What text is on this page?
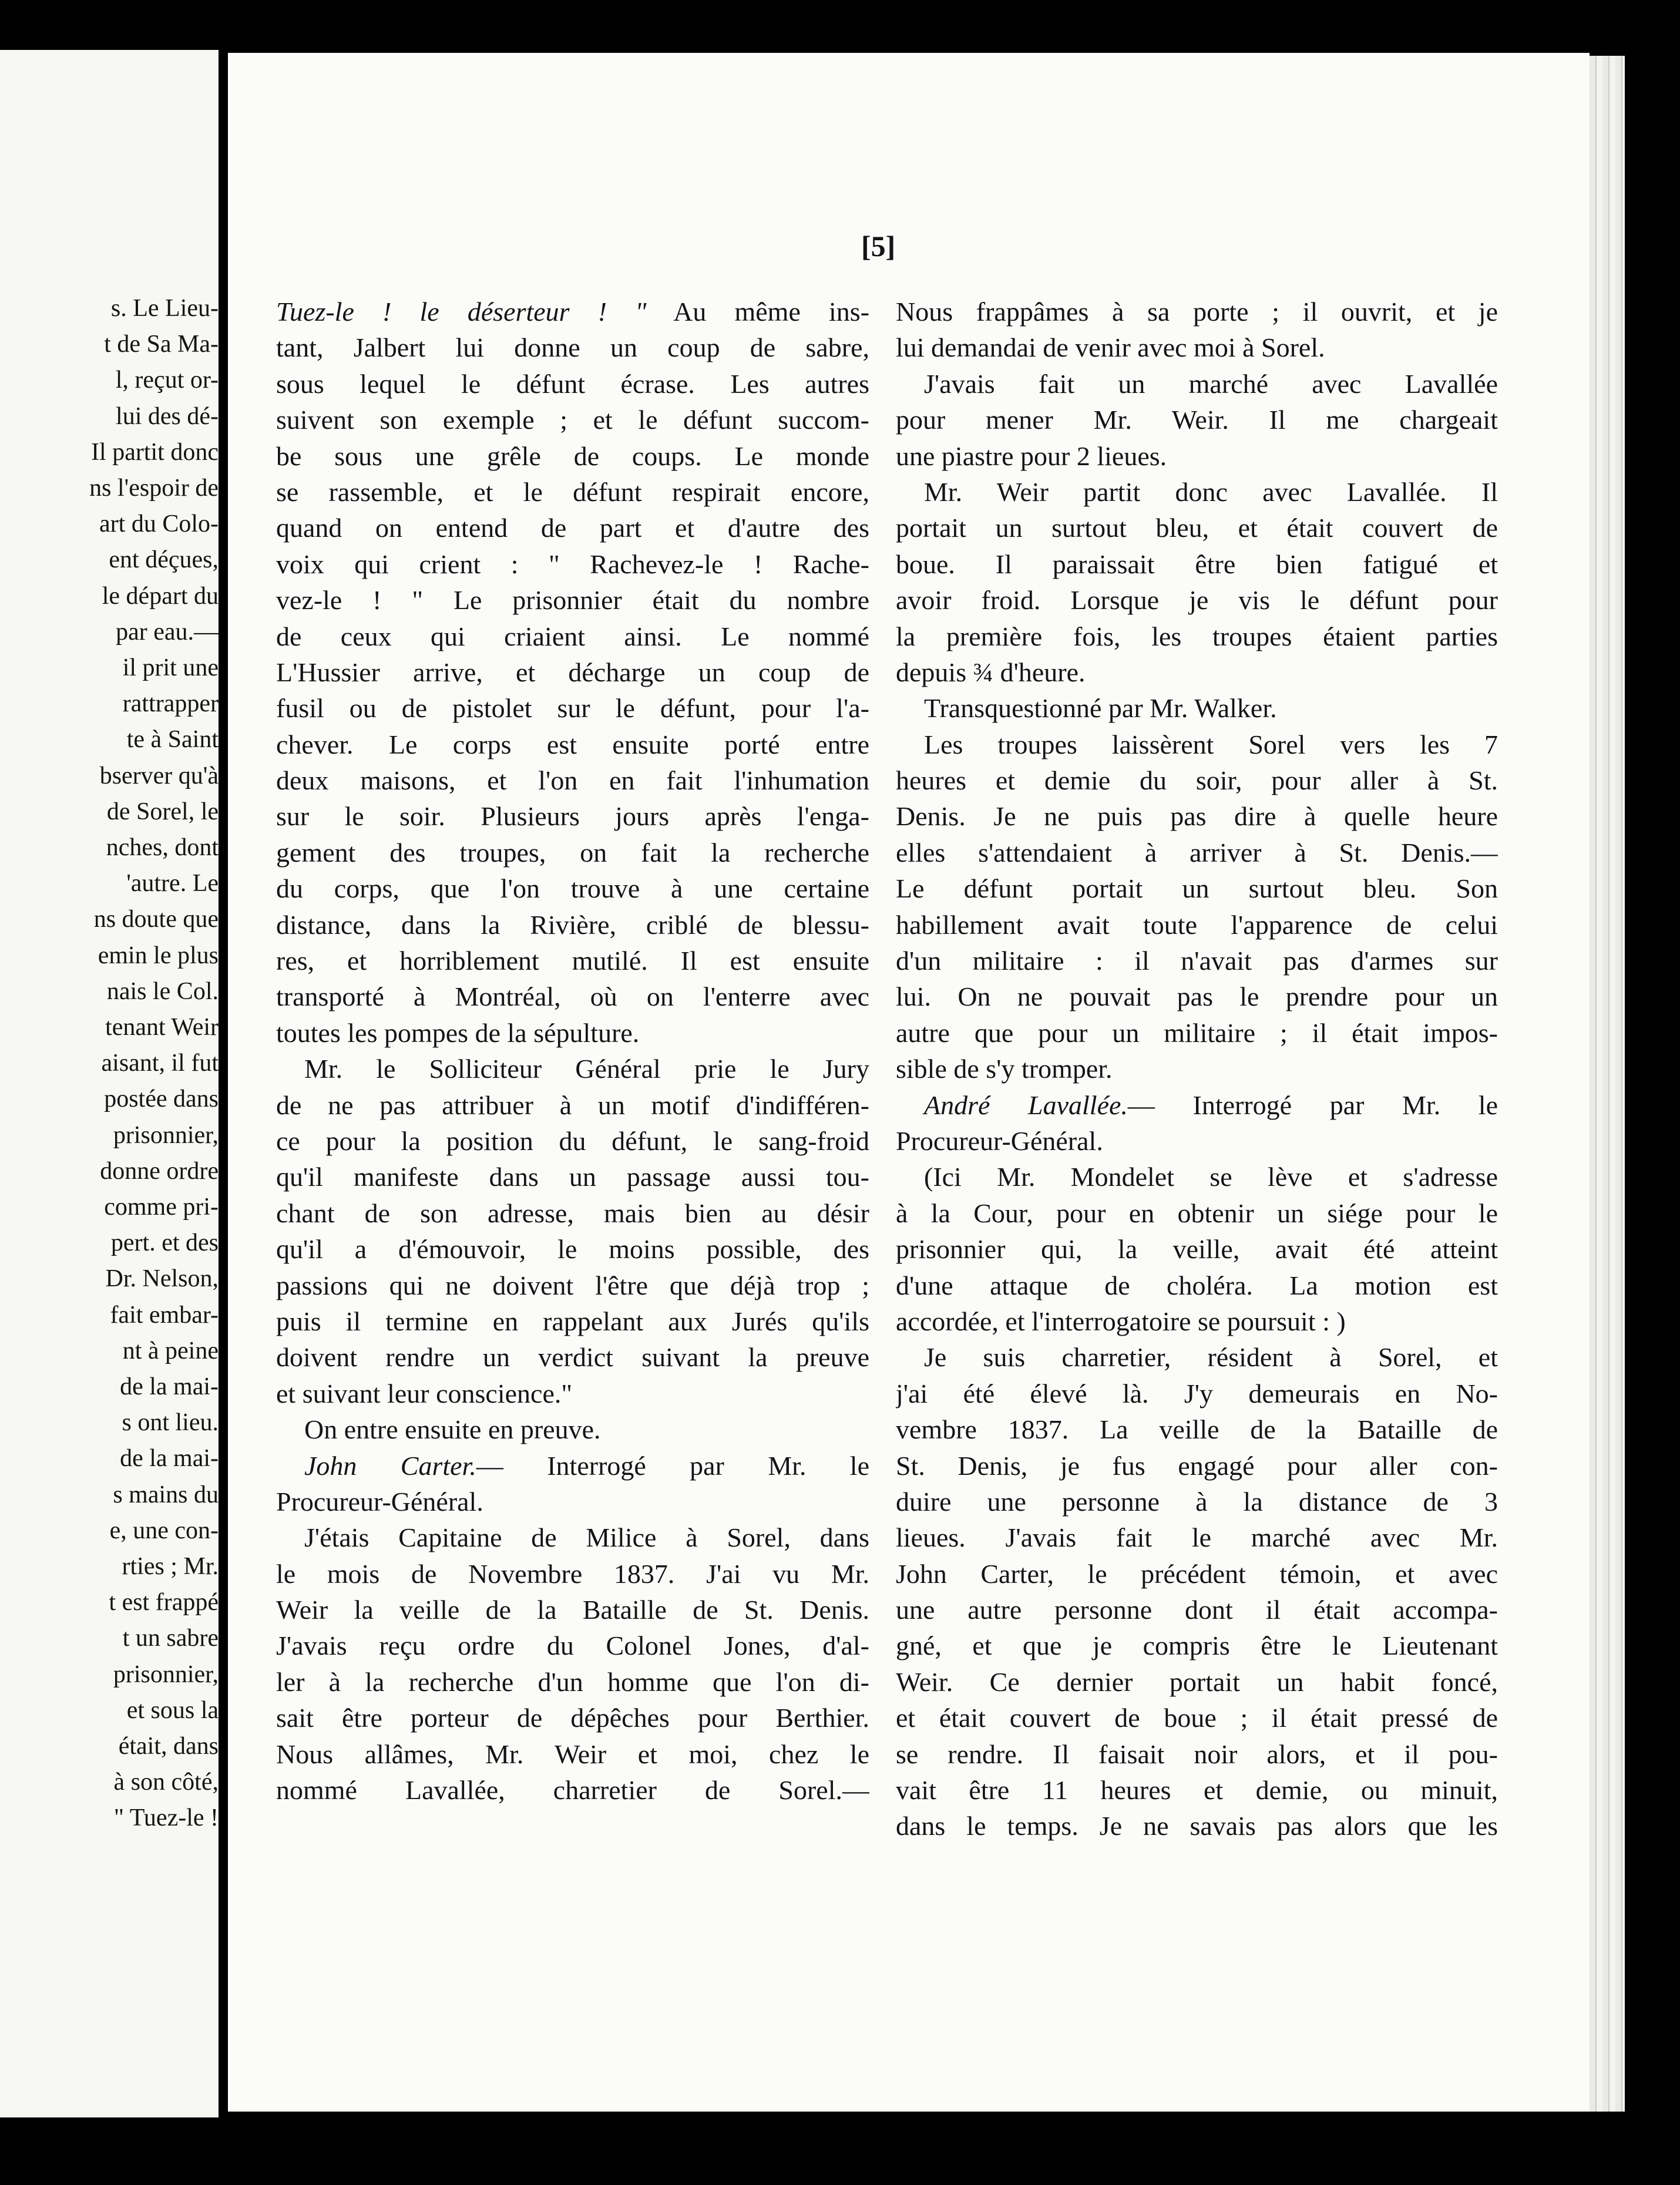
s. Le Lieu-
t de Sa Ma-
l, reçut or-
lui des dé-
Il partit donc
ns l'espoir de
art du Colo-
ent déçues,
le départ du
par eau.—
il prit une
rattrapper
te à Saint
bserver qu'à
de Sorel, le
nches, dont
'autre. Le
ns doute que
emin le plus
nais le Col.
tenant Weir
aisant, il fut
postée dans
prisonnier,
donne ordre
comme pri-
pert. et des
Dr. Nelson,
fait embar-
nt à peine
de la mai-
s ont lieu.
de la mai-
s mains du
e, une con-
rties ; Mr.
t est frappé
t un sabre
prisonnier,
et sous la
était, dans
à son côté,
" Tuez-le !
[5]
Tuez-le ! le déserteur ! " Au même ins-
tant, Jalbert lui donne un coup de sabre,
sous lequel le défunt écrase. Les autres
suivent son exemple ; et le défunt succom-
be sous une grêle de coups. Le monde
se rassemble, et le défunt respirait encore,
quand on entend de part et d'autre des
voix qui crient : " Rachevez-le ! Rache-
vez-le ! " Le prisonnier était du nombre
de ceux qui criaient ainsi. Le nommé
L'Hussier arrive, et décharge un coup de
fusil ou de pistolet sur le défunt, pour l'a-
chever. Le corps est ensuite porté entre
deux maisons, et l'on en fait l'inhumation
sur le soir. Plusieurs jours après l'enga-
gement des troupes, on fait la recherche
du corps, que l'on trouve à une certaine
distance, dans la Rivière, criblé de blessu-
res, et horriblement mutilé. Il est ensuite
transporté à Montréal, où on l'enterre avec
toutes les pompes de la sépulture.
Mr. le Solliciteur Général prie le Jury
de ne pas attribuer à un motif d'indifféren-
ce pour la position du défunt, le sang-froid
qu'il manifeste dans un passage aussi tou-
chant de son adresse, mais bien au désir
qu'il a d'émouvoir, le moins possible, des
passions qui ne doivent l'être que déjà trop ;
puis il termine en rappelant aux Jurés qu'ils
doivent rendre un verdict suivant la preuve
et suivant leur conscience."
On entre ensuite en preuve.
John Carter.— Interrogé par Mr. le
Procureur-Général.
J'étais Capitaine de Milice à Sorel, dans
le mois de Novembre 1837. J'ai vu Mr.
Weir la veille de la Bataille de St. Denis.
J'avais reçu ordre du Colonel Jones, d'al-
ler à la recherche d'un homme que l'on di-
sait être porteur de dépêches pour Berthier.
Nous allâmes, Mr. Weir et moi, chez le
nommé Lavallée, charretier de Sorel.—
Nous frappâmes à sa porte ; il ouvrit, et je
lui demandai de venir avec moi à Sorel.
J'avais fait un marché avec Lavallée
pour mener Mr. Weir. Il me chargeait
une piastre pour 2 lieues.
Mr. Weir partit donc avec Lavallée. Il
portait un surtout bleu, et était couvert de
boue. Il paraissait être bien fatigué et
avoir froid. Lorsque je vis le défunt pour
la première fois, les troupes étaient parties
depuis ¾ d'heure.
Transquestionné par Mr. Walker.
Les troupes laissèrent Sorel vers les 7
heures et demie du soir, pour aller à St.
Denis. Je ne puis pas dire à quelle heure
elles s'attendaient à arriver à St. Denis.—
Le défunt portait un surtout bleu. Son
habillement avait toute l'apparence de celui
d'un militaire : il n'avait pas d'armes sur
lui. On ne pouvait pas le prendre pour un
autre que pour un militaire ; il était impos-
sible de s'y tromper.
André Lavallée.— Interrogé par Mr. le
Procureur-Général.
(Ici Mr. Mondelet se lève et s'adresse
à la Cour, pour en obtenir un siége pour le
prisonnier qui, la veille, avait été atteint
d'une attaque de choléra. La motion est
accordée, et l'interrogatoire se poursuit : )
Je suis charretier, résident à Sorel, et
j'ai été élevé là. J'y demeurais en No-
vembre 1837. La veille de la Bataille de
St. Denis, je fus engagé pour aller con-
duire une personne à la distance de 3
lieues. J'avais fait le marché avec Mr.
John Carter, le précédent témoin, et avec
une autre personne dont il était accompa-
gné, et que je compris être le Lieutenant
Weir. Ce dernier portait un habit foncé,
et était couvert de boue ; il était pressé de
se rendre. Il faisait noir alors, et il pou-
vait être 11 heures et demie, ou minuit,
dans le temps. Je ne savais pas alors que les
